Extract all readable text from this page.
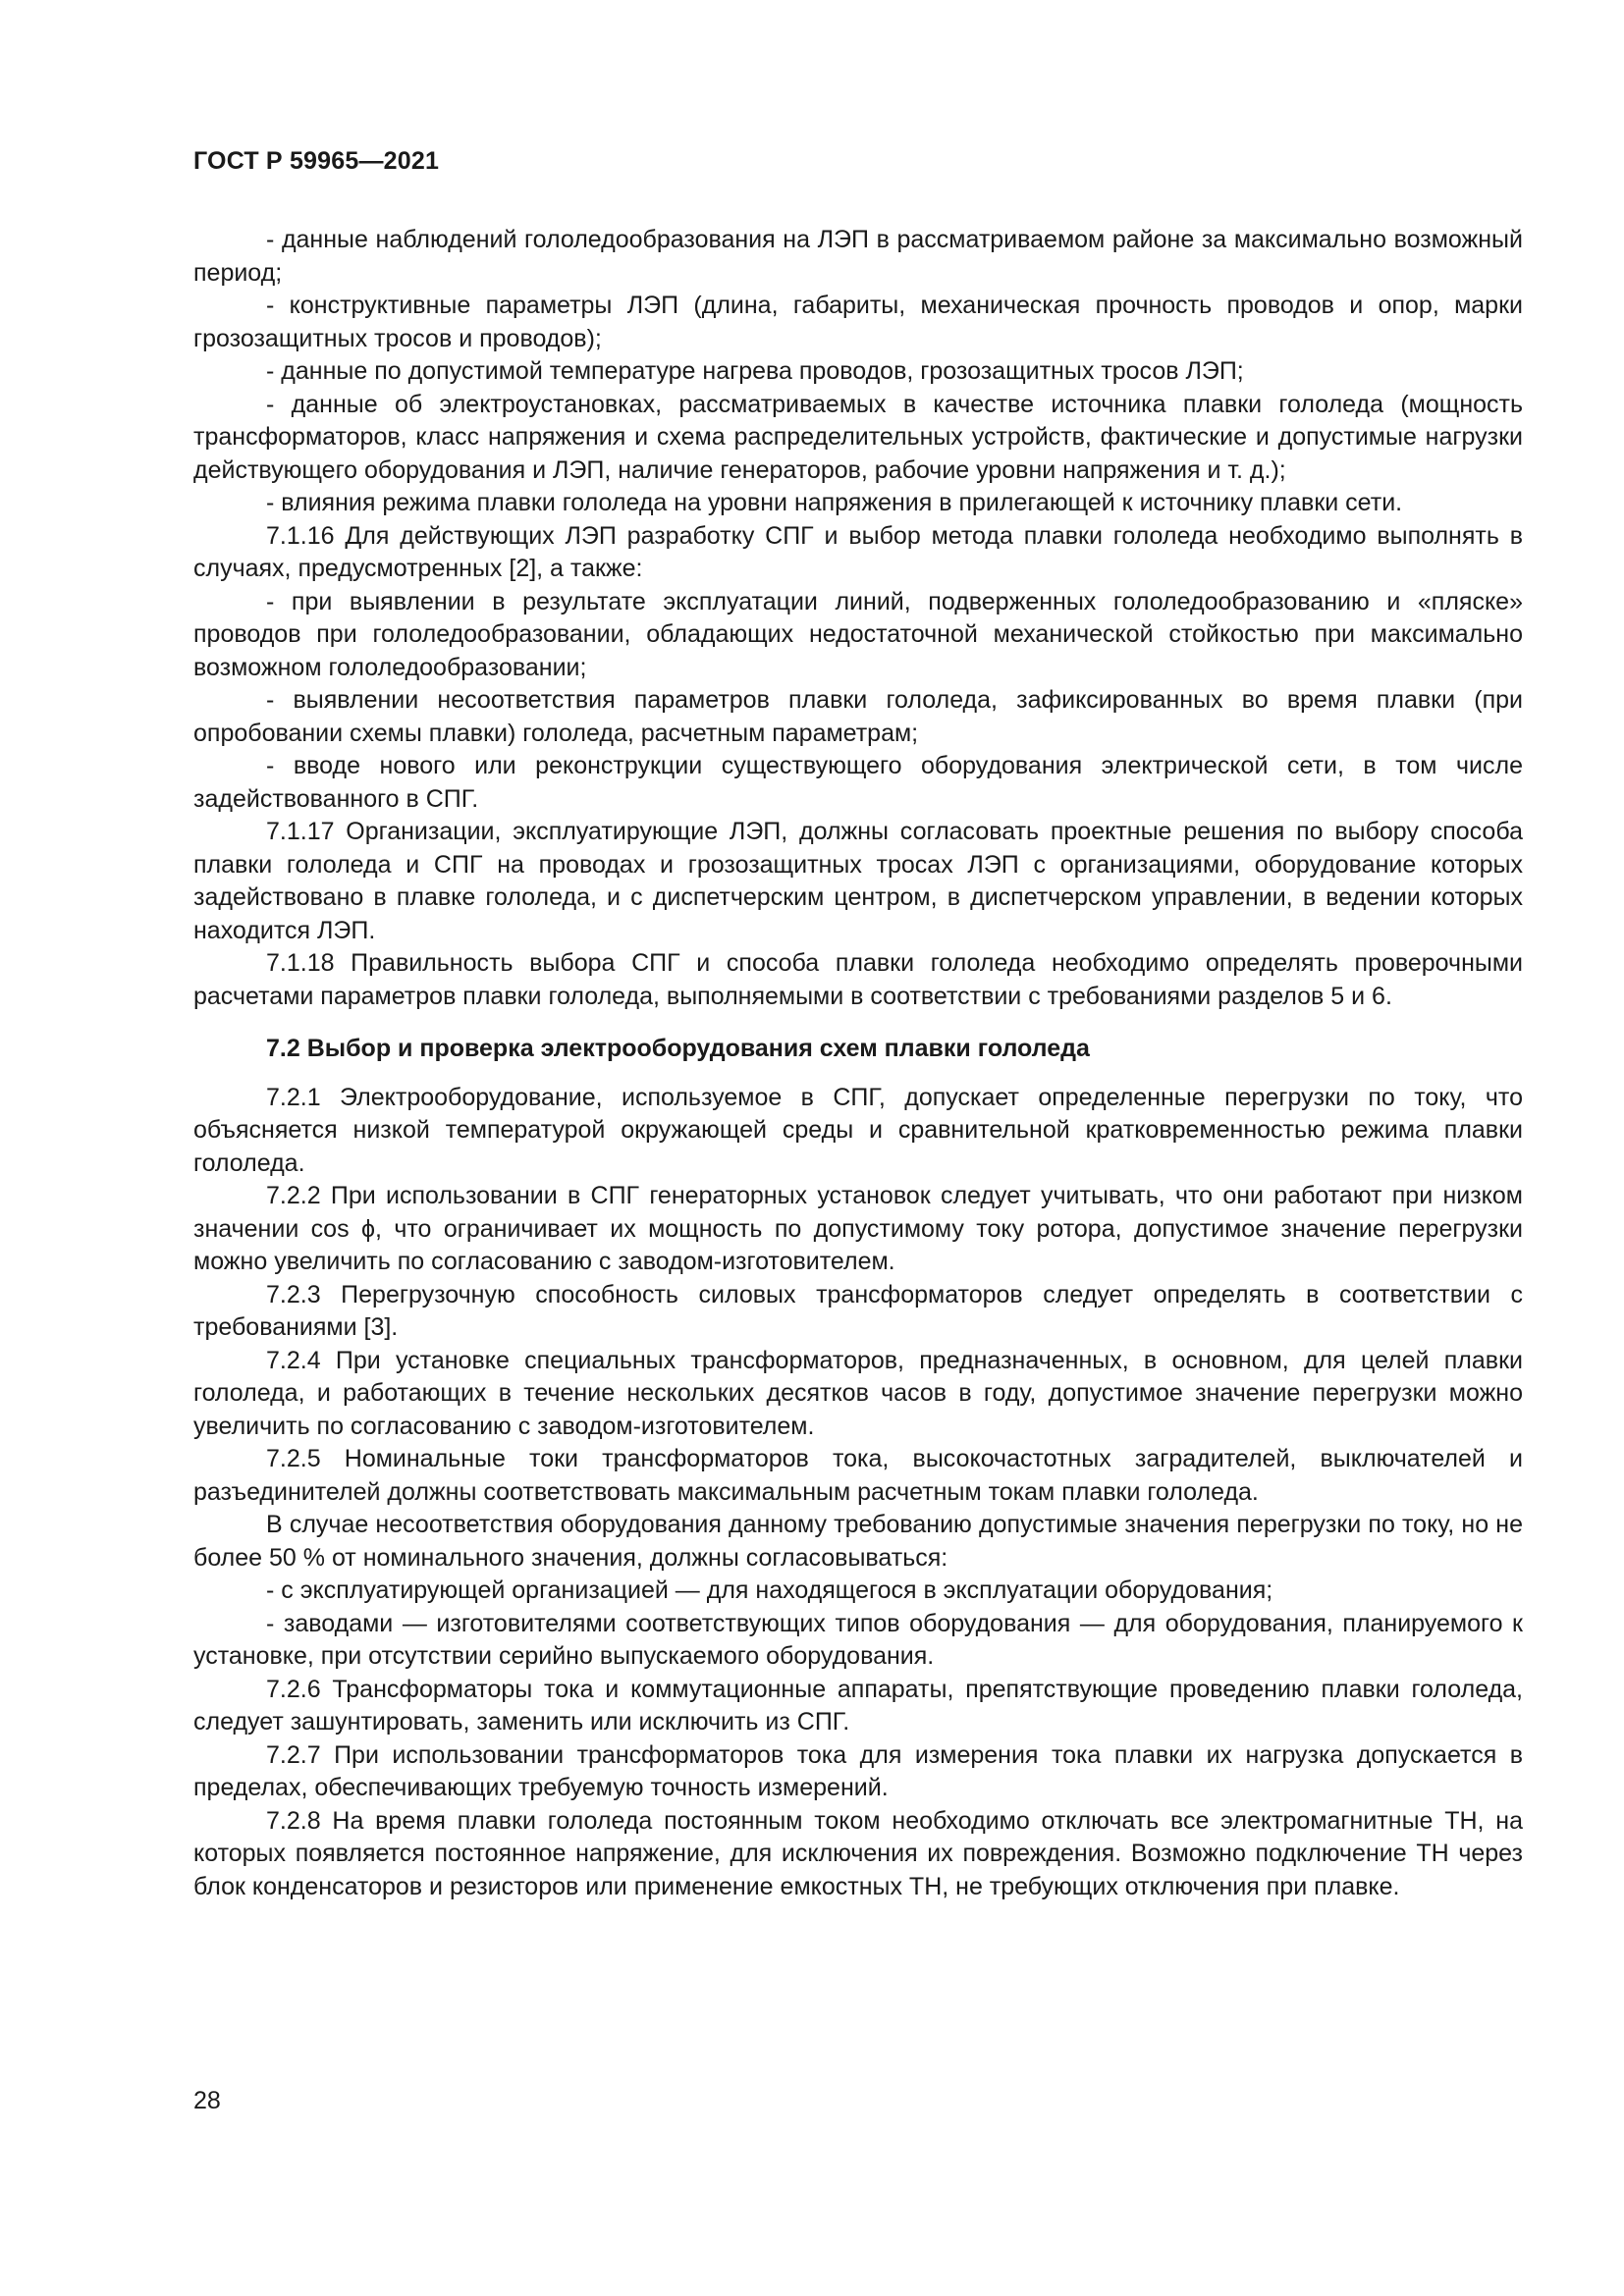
ГОСТ Р 59965—2021

- данные наблюдений гололедообразования на ЛЭП в рассматриваемом районе за максимально возможный период;

- конструктивные параметры ЛЭП (длина, габариты, механическая прочность проводов и опор, марки грозозащитных тросов и проводов);

- данные по допустимой температуре нагрева проводов, грозозащитных тросов ЛЭП;

- данные об электроустановках, рассматриваемых в качестве источника плавки гололеда (мощность трансформаторов, класс напряжения и схема распределительных устройств, фактические и допустимые нагрузки действующего оборудования и ЛЭП, наличие генераторов, рабочие уровни напряжения и т. д.);

- влияния режима плавки гололеда на уровни напряжения в прилегающей к источнику плавки сети.

7.1.16 Для действующих ЛЭП разработку СПГ и выбор метода плавки гололеда необходимо выполнять в случаях, предусмотренных [2], а также:

- при выявлении в результате эксплуатации линий, подверженных гололедообразованию и «пляске» проводов при гололедообразовании, обладающих недостаточной механической стойкостью при максимально возможном гололедообразовании;

- выявлении несоответствия параметров плавки гололеда, зафиксированных во время плавки (при опробовании схемы плавки) гололеда, расчетным параметрам;

- вводе нового или реконструкции существующего оборудования электрической сети, в том числе задействованного в СПГ.

7.1.17 Организации, эксплуатирующие ЛЭП, должны согласовать проектные решения по выбору способа плавки гололеда и СПГ на проводах и грозозащитных тросах ЛЭП с организациями, оборудование которых задействовано в плавке гололеда, и с диспетчерским центром, в диспетчерском управлении, в ведении которых находится ЛЭП.

7.1.18 Правильность выбора СПГ и способа плавки гололеда необходимо определять проверочными расчетами параметров плавки гололеда, выполняемыми в соответствии с требованиями разделов 5 и 6.

7.2 Выбор и проверка электрооборудования схем плавки гололеда

7.2.1 Электрооборудование, используемое в СПГ, допускает определенные перегрузки по току, что объясняется низкой температурой окружающей среды и сравнительной кратковременностью режима плавки гололеда.

7.2.2 При использовании в СПГ генераторных установок следует учитывать, что они работают при низком значении cos ϕ, что ограничивает их мощность по допустимому току ротора, допустимое значение перегрузки можно увеличить по согласованию с заводом-изготовителем.

7.2.3 Перегрузочную способность силовых трансформаторов следует определять в соответствии с требованиями [3].

7.2.4 При установке специальных трансформаторов, предназначенных, в основном, для целей плавки гололеда, и работающих в течение нескольких десятков часов в году, допустимое значение перегрузки можно увеличить по согласованию с заводом-изготовителем.

7.2.5 Номинальные токи трансформаторов тока, высокочастотных заградителей, выключателей и разъединителей должны соответствовать максимальным расчетным токам плавки гололеда.

В случае несоответствия оборудования данному требованию допустимые значения перегрузки по току, но не более 50 % от номинального значения, должны согласовываться:

- с эксплуатирующей организацией — для находящегося в эксплуатации оборудования;

- заводами — изготовителями соответствующих типов оборудования — для оборудования, планируемого к установке, при отсутствии серийно выпускаемого оборудования.

7.2.6 Трансформаторы тока и коммутационные аппараты, препятствующие проведению плавки гололеда, следует зашунтировать, заменить или исключить из СПГ.

7.2.7 При использовании трансформаторов тока для измерения тока плавки их нагрузка допускается в пределах, обеспечивающих требуемую точность измерений.

7.2.8 На время плавки гололеда постоянным током необходимо отключать все электромагнитные ТН, на которых появляется постоянное напряжение, для исключения их повреждения. Возможно подключение ТН через блок конденсаторов и резисторов или применение емкостных ТН, не требующих отключения при плавке.

28
